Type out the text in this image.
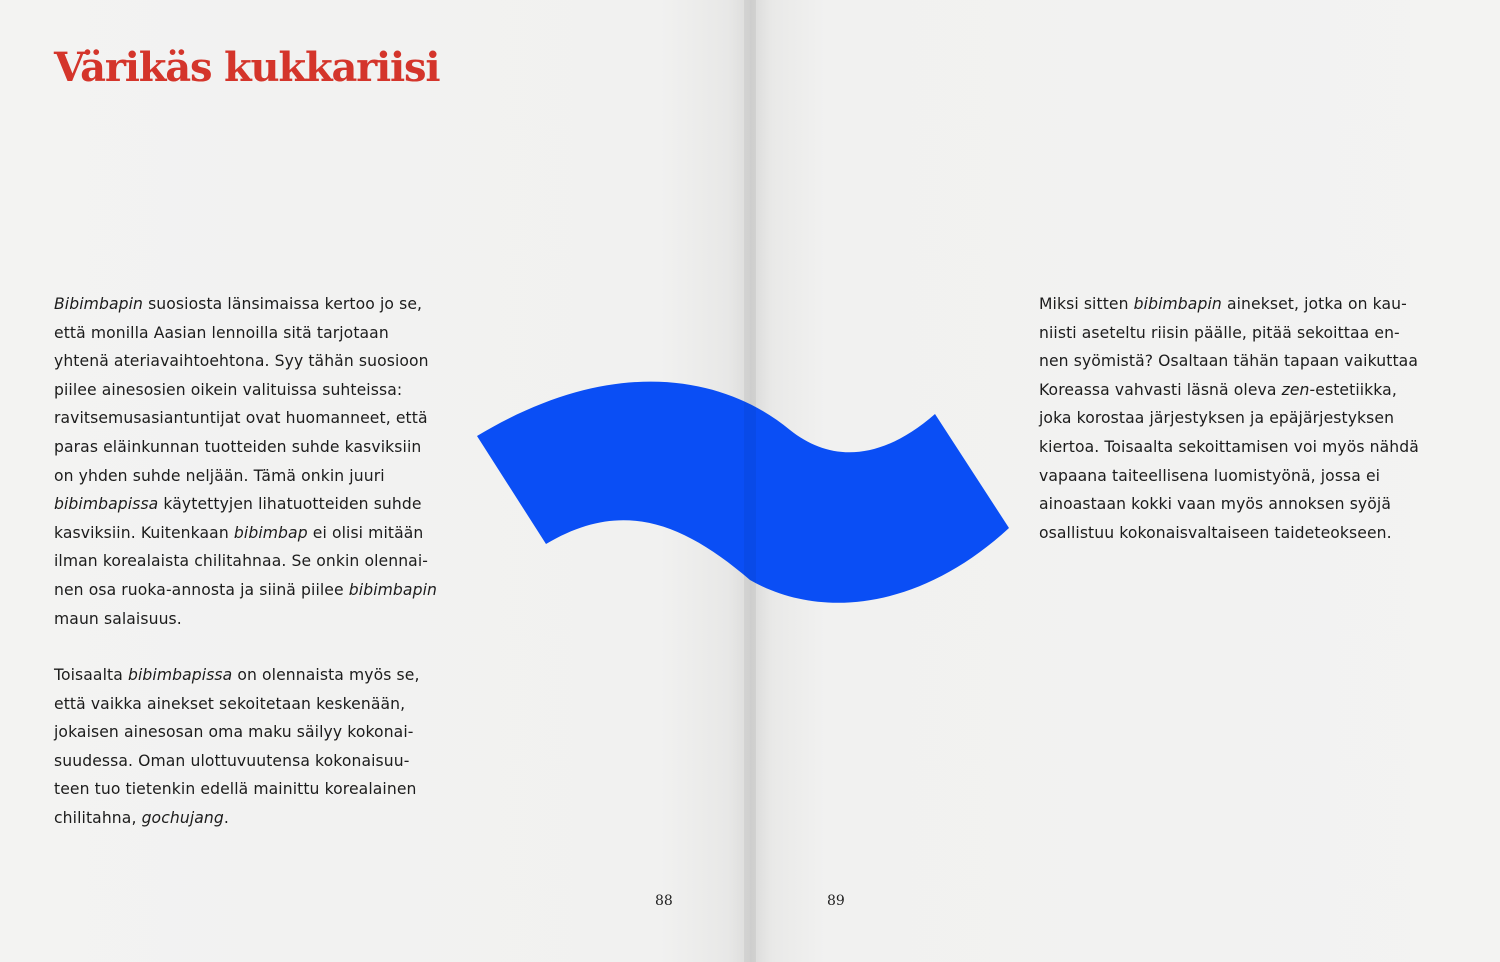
Värikäs kukkariisi
Bibimbapin suosiosta länsimaissa kertoo jo se,
että monilla Aasian lennoilla sitä tarjotaan
yhtenä ateriavaihtoehtona. Syy tähän suosioon
piilee ainesosien oikein valituissa suhteissa:
ravitsemusasiantuntijat ovat huomanneet, että
paras eläinkunnan tuotteiden suhde kasviksiin
on yhden suhde neljään. Tämä onkin juuri
bibimbapissa käytettyjen lihatuotteiden suhde
kasviksiin. Kuitenkaan bibimbap ei olisi mitään
ilman korealaista chilitahnaa. Se onkin olennai-
nen osa ruoka-annosta ja siinä piilee bibimbapin
maun salaisuus.
Toisaalta bibimbapissa on olennaista myös se,
että vaikka ainekset sekoitetaan keskenään,
jokaisen ainesosan oma maku säilyy kokonai-
suudessa. Oman ulottuvuutensa kokonaisuu-
teen tuo tietenkin edellä mainittu korealainen
chilitahna, gochujang.
Miksi sitten bibimbapin ainekset, jotka on kau-
niisti aseteltu riisin päälle, pitää sekoittaa en-
nen syömistä? Osaltaan tähän tapaan vaikuttaa
Koreassa vahvasti läsnä oleva zen-estetiikka,
joka korostaa järjestyksen ja epäjärjestyksen
kiertoa. Toisaalta sekoittamisen voi myös nähdä
vapaana taiteellisena luomistyönä, jossa ei
ainoastaan kokki vaan myös annoksen syöjä
osallistuu kokonaisvaltaiseen taideteokseen.
88	89
